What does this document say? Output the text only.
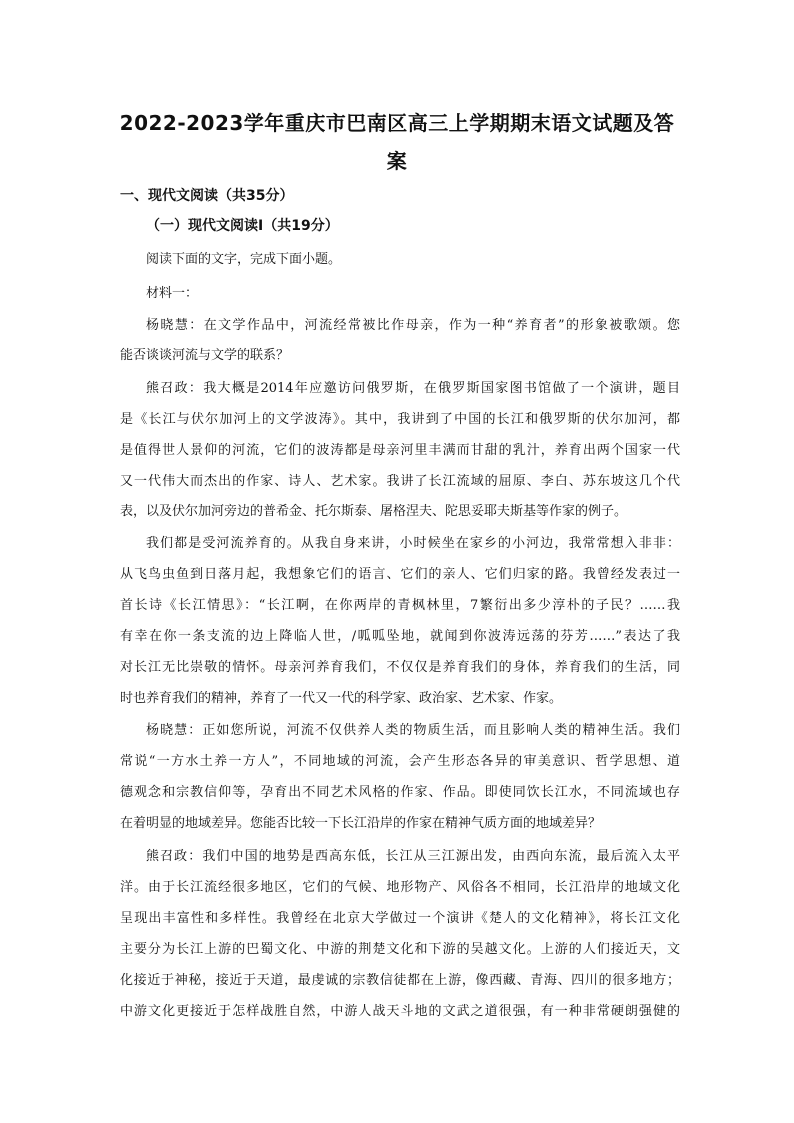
2022-2023学年重庆市巴南区高三上学期期末语文试题及答
案
一、现代文阅读（共35分）
（一）现代文阅读Ⅰ（共19分）
阅读下面的文字，完成下面小题。
材料一：
杨晓慧：在文学作品中，河流经常被比作母亲，作为一种“养育者”的形象被歌颂。您
能否谈谈河流与文学的联系？
熊召政：我大概是2014年应邀访问俄罗斯，在俄罗斯国家图书馆做了一个演讲，题目
是《长江与伏尔加河上的文学波涛》。其中，我讲到了中国的长江和俄罗斯的伏尔加河，都
是值得世人景仰的河流，它们的波涛都是母亲河里丰满而甘甜的乳汁，养育出两个国家一代
又一代伟大而杰出的作家、诗人、艺术家。我讲了长江流域的屈原、李白、苏东坡这几个代
表，以及伏尔加河旁边的普希金、托尔斯泰、屠格涅夫、陀思妥耶夫斯基等作家的例子。
我们都是受河流养育的。从我自身来讲，小时候坐在家乡的小河边，我常常想入非非：
从飞鸟虫鱼到日落月起，我想象它们的语言、它们的亲人、它们归家的路。我曾经发表过一
首长诗《长江情思》：“长江啊，在你两岸的青枫林里，7繁衍出多少淳朴的子民？……我
有幸在你一条支流的边上降临人世，/呱呱坠地，就闻到你波涛远荡的芬芳……”表达了我
对长江无比崇敬的情怀。母亲河养育我们，不仅仅是养育我们的身体，养育我们的生活，同
时也养育我们的精神，养育了一代又一代的科学家、政治家、艺术家、作家。
杨晓慧：正如您所说，河流不仅供养人类的物质生活，而且影响人类的精神生活。我们
常说“一方水土养一方人”，不同地域的河流，会产生形态各异的审美意识、哲学思想、道
德观念和宗教信仰等，孕育出不同艺术风格的作家、作品。即使同饮长江水，不同流域也存
在着明显的地域差异。您能否比较一下长江沿岸的作家在精神气质方面的地域差异？
熊召政：我们中国的地势是西高东低，长江从三江源出发，由西向东流，最后流入太平
洋。由于长江流经很多地区，它们的气候、地形物产、风俗各不相同，长江沿岸的地域文化
呈现出丰富性和多样性。我曾经在北京大学做过一个演讲《楚人的文化精神》，将长江文化
主要分为长江上游的巴蜀文化、中游的荆楚文化和下游的吴越文化。上游的人们接近天，文
化接近于神秘，接近于天道，最虔诚的宗教信徒都在上游，像西藏、青海、四川的很多地方；
中游文化更接近于怎样战胜自然，中游人战天斗地的文武之道很强，有一种非常硬朗强健的
